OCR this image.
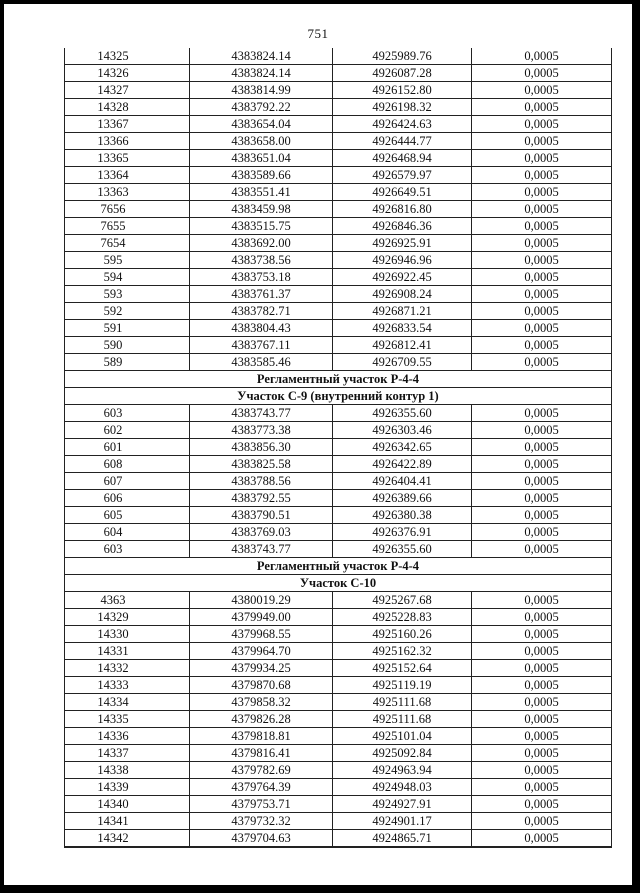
751
14325	4383824.14	4925989.76	0,0005
14326	4383824.14	4926087.28	0,0005
14327	4383814.99	4926152.80	0,0005
14328	4383792.22	4926198.32	0,0005
13367	4383654.04	4926424.63	0,0005
13366	4383658.00	4926444.77	0,0005
13365	4383651.04	4926468.94	0,0005
13364	4383589.66	4926579.97	0,0005
13363	4383551.41	4926649.51	0,0005
7656	4383459.98	4926816.80	0,0005
7655	4383515.75	4926846.36	0,0005
7654	4383692.00	4926925.91	0,0005
595	4383738.56	4926946.96	0,0005
594	4383753.18	4926922.45	0,0005
593	4383761.37	4926908.24	0,0005
592	4383782.71	4926871.21	0,0005
591	4383804.43	4926833.54	0,0005
590	4383767.11	4926812.41	0,0005
589	4383585.46	4926709.55	0,0005
Регламентный участок Р-4-4
Участок С-9 (внутренний контур 1)
603	4383743.77	4926355.60	0,0005
602	4383773.38	4926303.46	0,0005
601	4383856.30	4926342.65	0,0005
608	4383825.58	4926422.89	0,0005
607	4383788.56	4926404.41	0,0005
606	4383792.55	4926389.66	0,0005
605	4383790.51	4926380.38	0,0005
604	4383769.03	4926376.91	0,0005
603	4383743.77	4926355.60	0,0005
Регламентный участок Р-4-4
Участок С-10
4363	4380019.29	4925267.68	0,0005
14329	4379949.00	4925228.83	0,0005
14330	4379968.55	4925160.26	0,0005
14331	4379964.70	4925162.32	0,0005
14332	4379934.25	4925152.64	0,0005
14333	4379870.68	4925119.19	0,0005
14334	4379858.32	4925111.68	0,0005
14335	4379826.28	4925111.68	0,0005
14336	4379818.81	4925101.04	0,0005
14337	4379816.41	4925092.84	0,0005
14338	4379782.69	4924963.94	0,0005
14339	4379764.39	4924948.03	0,0005
14340	4379753.71	4924927.91	0,0005
14341	4379732.32	4924901.17	0,0005
14342	4379704.63	4924865.71	0,0005
